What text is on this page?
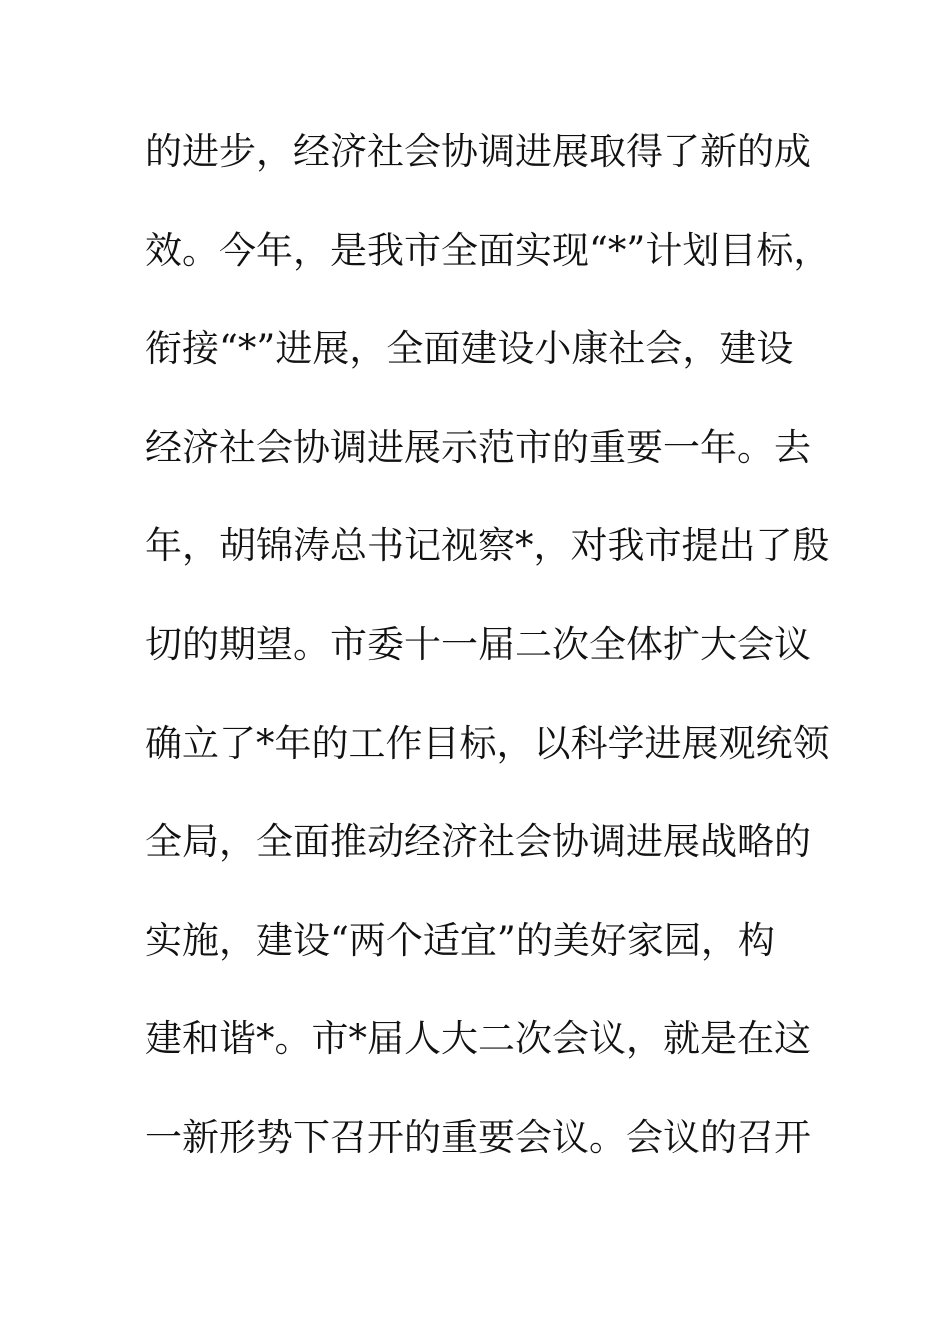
的进步，经济社会协调进展取得了新的成
效。今年，是我市全面实现“*”计划目标，
衔接“*”进展，全面建设小康社会，建设
经济社会协调进展示范市的重要一年。去
年，胡锦涛总书记视察*，对我市提出了殷
切的期望。市委十一届二次全体扩大会议
确立了*年的工作目标，以科学进展观统领
全局，全面推动经济社会协调进展战略的
实施，建设“两个适宜”的美好家园，构
建和谐*。市*届人大二次会议，就是在这
一新形势下召开的重要会议。会议的召开
